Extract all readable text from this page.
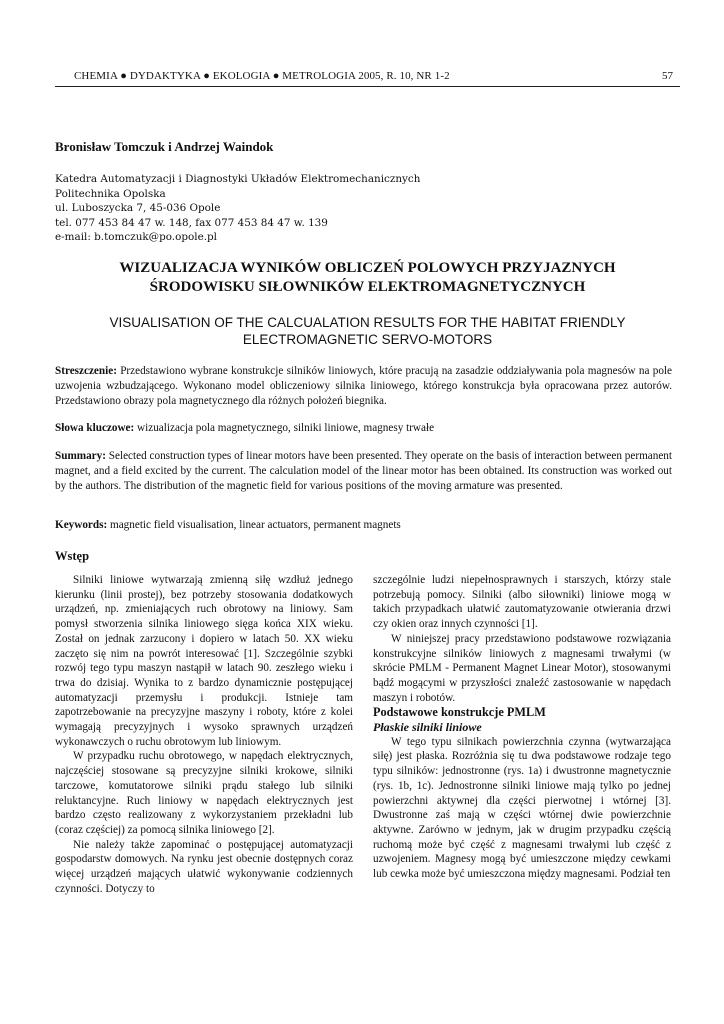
CHEMIA ● DYDAKTYKA ● EKOLOGIA ● METROLOGIA 2005, R. 10, NR 1-2	57
Bronisław Tomczuk i Andrzej Waindok
Katedra Automatyzacji i Diagnostyki Układów Elektromechanicznych
Politechnika Opolska
ul. Luboszycka 7, 45-036 Opole
tel. 077 453 84 47 w. 148, fax 077 453 84 47 w. 139
e-mail: b.tomczuk@po.opole.pl
WIZUALIZACJA WYNIKÓW OBLICZEŃ POLOWYCH PRZYJAZNYCH
ŚRODOWISKU SIŁOWNIKÓW ELEKTROMAGNETYCZNYCH
VISUALISATION OF THE CALCUALATION RESULTS FOR THE HABITAT FRIENDLY
ELECTROMAGNETIC SERVO-MOTORS
Streszczenie: Przedstawiono wybrane konstrukcje silników liniowych, które pracują na zasadzie oddziaływania pola magnesów na pole uzwojenia wzbudzającego. Wykonano model obliczeniowy silnika liniowego, którego konstrukcja była opracowana przez autorów. Przedstawiono obrazy pola magnetycznego dla różnych położeń biegnika.
Słowa kluczowe: wizualizacja pola magnetycznego, silniki liniowe, magnesy trwałe
Summary: Selected construction types of linear motors have been presented. They operate on the basis of interaction between permanent magnet, and a field excited by the current. The calculation model of the linear motor has been obtained. Its construction was worked out by the authors. The distribution of the magnetic field for various positions of the moving armature was presented.
Keywords: magnetic field visualisation, linear actuators, permanent magnets
Wstęp

Silniki liniowe wytwarzają zmienną siłę wzdłuż jednego kierunku (linii prostej), bez potrzeby stosowania dodatkowych urządzeń, np. zmieniających ruch obrotowy na liniowy. Sam pomysł stworzenia silnika liniowego sięga końca XIX wieku. Został on jednak zarzucony i dopiero w latach 50. XX wieku zaczęto się nim na powrót interesować [1]. Szczególnie szybki rozwój tego typu maszyn nastąpił w latach 90. zeszłego wieku i trwa do dzisiaj. Wynika to z bardzo dynamicznie postępującej automatyzacji przemysłu i produkcji. Istnieje tam zapotrzebowanie na precyzyjne maszyny i roboty, które z kolei wymagają precyzyjnych i wysoko sprawnych urządzeń wykonawczych o ruchu obrotowym lub liniowym.

W przypadku ruchu obrotowego, w napędach elektrycznych, najczęściej stosowane są precyzyjne silniki krokowe, silniki tarczowe, komutatorowe silniki prądu stałego lub silniki reluktancyjne. Ruch liniowy w napędach elektrycznych jest bardzo często realizowany z wykorzystaniem przekładni lub (coraz częściej) za pomocą silnika liniowego [2].

Nie należy także zapominać o postępującej automatyzacji gospodarstw domowych. Na rynku jest obecnie dostępnych coraz więcej urządzeń mających ułatwić wykonywanie codziennych czynności. Dotyczy to

szczególnie ludzi niepełnosprawnych i starszych, którzy stale potrzebują pomocy. Silniki (albo siłowniki) liniowe mogą w takich przypadkach ułatwić zautomatyzowanie otwierania drzwi czy okien oraz innych czynności [1].

W niniejszej pracy przedstawiono podstawowe rozwiązania konstrukcyjne silników liniowych z magnesami trwałymi (w skrócie PMLM - Permanent Magnet Linear Motor), stosowanymi bądź mogącymi w przyszłości znaleźć zastosowanie w napędach maszyn i robotów.

Podstawowe konstrukcje PMLM

Płaskie silniki liniowe

W tego typu silnikach powierzchnia czynna (wytwarzająca siłę) jest płaska. Rozróżnia się tu dwa podstawowe rodzaje tego typu silników: jednostronne (rys. 1a) i dwustronne magnetycznie (rys. 1b, 1c). Jednostronne silniki liniowe mają tylko po jednej powierzchni aktywnej dla części pierwotnej i wtórnej [3]. Dwustronne zaś mają w części wtórnej dwie powierzchnie aktywne. Zarówno w jednym, jak w drugim przypadku częścią ruchomą może być część z magnesami trwałymi lub część z uzwojeniem. Magnesy mogą być umieszczone między cewkami lub cewka może być umieszczona między magnesami. Podział ten
